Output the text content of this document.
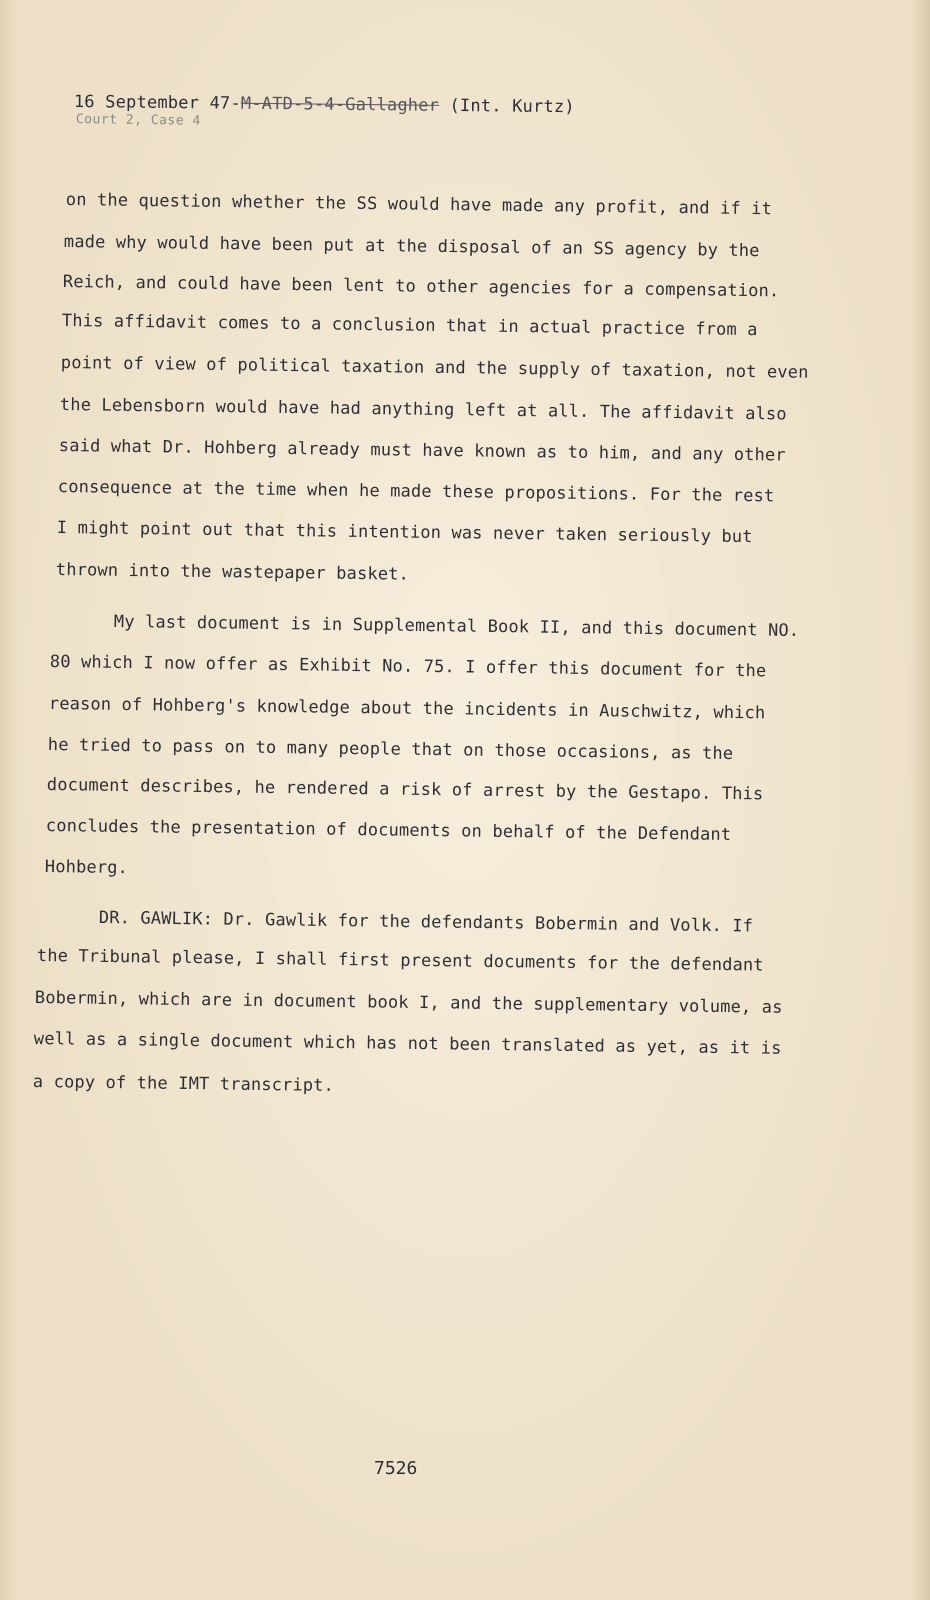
16 September 47-M-ATD-5-4-Gallagher (Int. Kurtz)
Court 2, Case 4
on the question whether the SS would have made any profit, and if it
made why would have been put at the disposal of an SS agency by the
Reich, and could have been lent to other agencies for a compensation.
This affidavit comes to a conclusion that in actual practice from a
point of view of political taxation and the supply of taxation, not even
the Lebensborn would have had anything left at all. The affidavit also
said what Dr. Hohberg already must have known as to him, and any other
consequence at the time when he made these propositions. For the rest
I might point out that this intention was never taken seriously but
thrown into the wastepaper basket.
My last document is in Supplemental Book II, and this document NO.
80 which I now offer as Exhibit No. 75. I offer this document for the
reason of Hohberg's knowledge about the incidents in Auschwitz, which
he tried to pass on to many people that on those occasions, as the
document describes, he rendered a risk of arrest by the Gestapo. This
concludes the presentation of documents on behalf of the Defendant
Hohberg.
DR. GAWLIK: Dr. Gawlik for the defendants Bobermin and Volk. If
the Tribunal please, I shall first present documents for the defendant
Bobermin, which are in document book I, and the supplementary volume, as
well as a single document which has not been translated as yet, as it is
a copy of the IMT transcript.
7526
